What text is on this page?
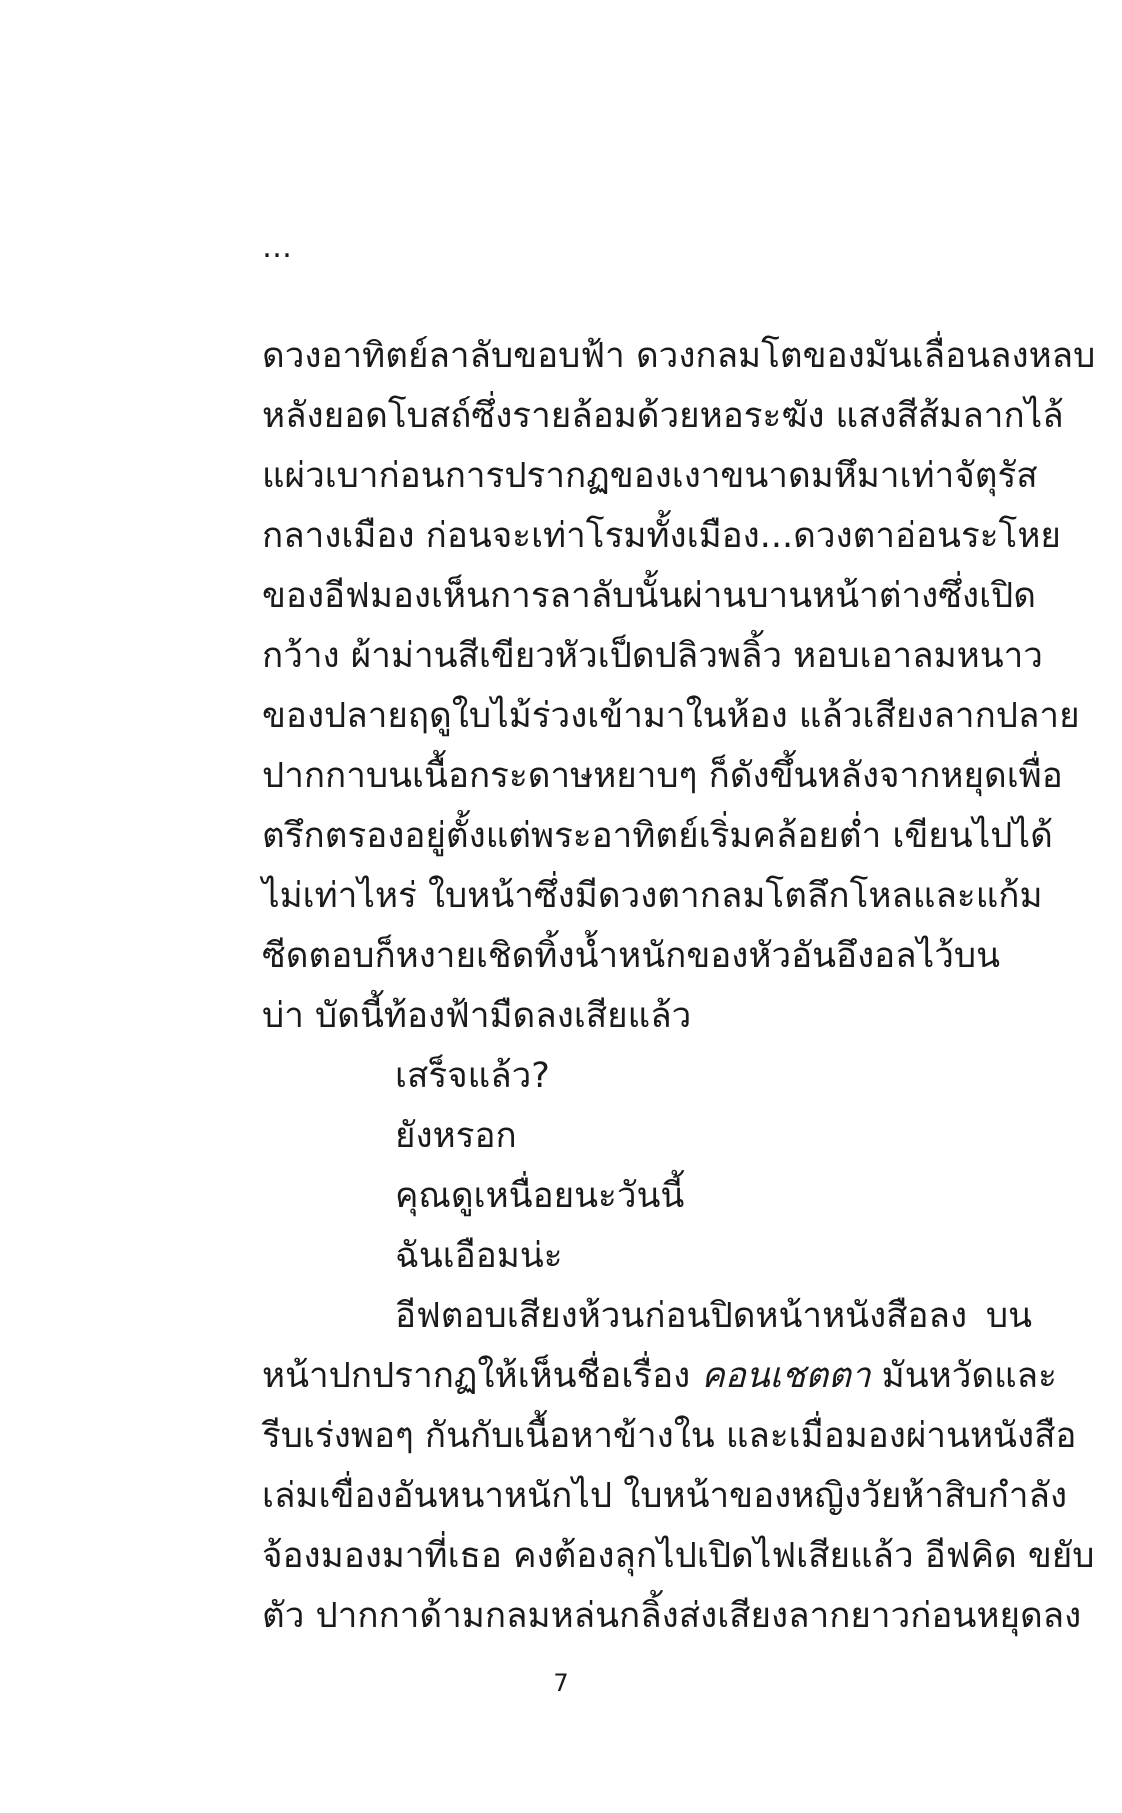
…
ดวงอาทิตย์ลาลับขอบฟ้า ดวงกลมโตของมันเลื่อนลงหลบ
หลังยอดโบสถ์ซึ่งรายล้อมด้วยหอระฆัง แสงสีส้มลากไล้
แผ่วเบาก่อนการปรากฏของเงาขนาดมหึมาเท่าจัตุรัส
กลางเมือง ก่อนจะเท่าโรมทั้งเมือง...ดวงตาอ่อนระโหย
ของอีฟมองเห็นการลาลับนั้นผ่านบานหน้าต่างซึ่งเปิด
กว้าง ผ้าม่านสีเขียวหัวเป็ดปลิวพลิ้ว หอบเอาลมหนาว
ของปลายฤดูใบไม้ร่วงเข้ามาในห้อง แล้วเสียงลากปลาย
ปากกาบนเนื้อกระดาษหยาบๆ ก็ดังขึ้นหลังจากหยุดเพื่อ
ตรึกตรองอยู่ตั้งแต่พระอาทิตย์เริ่มคล้อยต่ำ เขียนไปได้
ไม่เท่าไหร่ ใบหน้าซึ่งมีดวงตากลมโตลึกโหลและแก้ม
ซีดตอบก็หงายเชิดทิ้งน้ำหนักของหัวอันอึงอลไว้บน
บ่า บัดนี้ท้องฟ้ามืดลงเสียแล้ว
เสร็จแล้ว?
ยังหรอก
คุณดูเหนื่อยนะวันนี้
ฉันเอือมน่ะ
อีฟตอบเสียงห้วนก่อนปิดหน้าหนังสือลง บน
หน้าปกปรากฏให้เห็นชื่อเรื่อง คอนเชตตา มันหวัดและ
รีบเร่งพอๆ กันกับเนื้อหาข้างใน และเมื่อมองผ่านหนังสือ
เล่มเขื่องอันหนาหนักไป ใบหน้าของหญิงวัยห้าสิบกำลัง
จ้องมองมาที่เธอ คงต้องลุกไปเปิดไฟเสียแล้ว อีฟคิด ขยับ
ตัว ปากกาด้ามกลมหล่นกลิ้งส่งเสียงลากยาวก่อนหยุดลง
7
